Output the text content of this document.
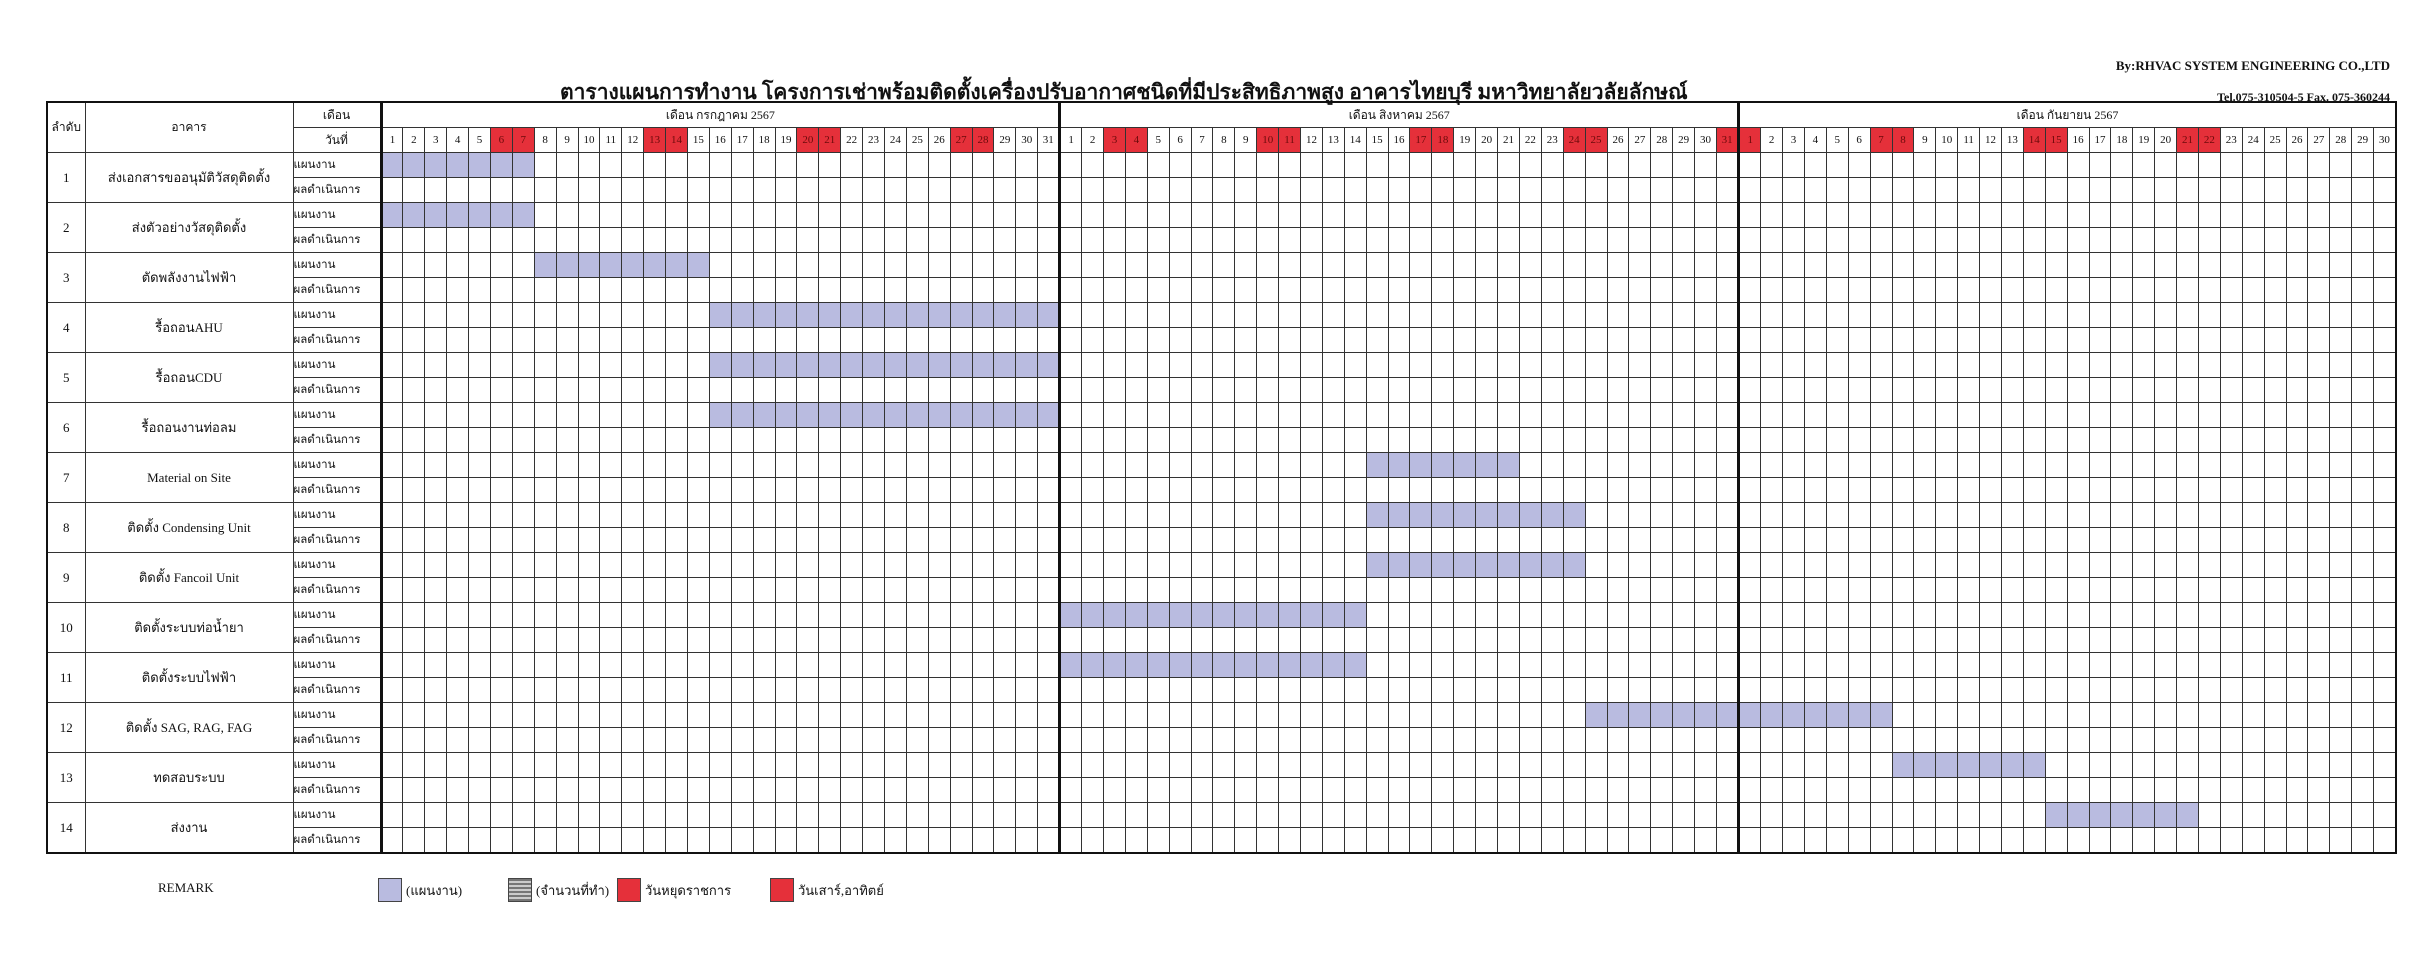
ตารางแผนการทำงาน โครงการเช่าพร้อมติดตั้งเครื่องปรับอากาศชนิดที่มีประสิทธิภาพสูง อาคารไทยบุรี มหาวิทยาลัยวลัยลักษณ์
By:RHVAC SYSTEM ENGINEERING CO.,LTD
Tel.075-310504-5 Fax. 075-360244
ลำดับ	อาคาร	เดือน	เดือน กรกฎาคม 2567	เดือน สิงหาคม 2567	เดือน กันยายน 2567
วันที่	1	2	3	4	5	6	7	8	9	10	11	12	13	14	15	16	17	18	19	20	21	22	23	24	25	26	27	28	29	30	31	1	2	3	4	5	6	7	8	9	10	11	12	13	14	15	16	17	18	19	20	21	22	23	24	25	26	27	28	29	30	31	1	2	3	4	5	6	7	8	9	10	11	12	13	14	15	16	17	18	19	20	21	22	23	24	25	26	27	28	29	30
1	ส่งเอกสารขออนุมัติวัสดุติดตั้ง	แผนงาน																																																																																												
ผลดำเนินการ																																																																																												
2	ส่งตัวอย่างวัสดุติดตั้ง	แผนงาน																																																																																												
ผลดำเนินการ																																																																																												
3	ตัดพลังงานไฟฟ้า	แผนงาน																																																																																												
ผลดำเนินการ																																																																																												
4	รื้อถอนAHU	แผนงาน																																																																																												
ผลดำเนินการ																																																																																												
5	รื้อถอนCDU	แผนงาน																																																																																												
ผลดำเนินการ																																																																																												
6	รื้อถอนงานท่อลม	แผนงาน																																																																																												
ผลดำเนินการ																																																																																												
7	Material on Site	แผนงาน																																																																																												
ผลดำเนินการ																																																																																												
8	ติดตั้ง Condensing Unit	แผนงาน																																																																																												
ผลดำเนินการ																																																																																												
9	ติดตั้ง Fancoil Unit	แผนงาน																																																																																												
ผลดำเนินการ																																																																																												
10	ติดตั้งระบบท่อน้ำยา	แผนงาน																																																																																												
ผลดำเนินการ																																																																																												
11	ติดตั้งระบบไฟฟ้า	แผนงาน																																																																																												
ผลดำเนินการ																																																																																												
12	ติดตั้ง SAG, RAG, FAG	แผนงาน																																																																																												
ผลดำเนินการ																																																																																												
13	ทดสอบระบบ	แผนงาน																																																																																												
ผลดำเนินการ																																																																																												
14	ส่งงาน	แผนงาน																																																																																												
ผลดำเนินการ																																																																																												
REMARK	(แผนงาน)	(จำนวนที่ทำ)	วันหยุดราชการ	วันเสาร์,อาทิตย์
